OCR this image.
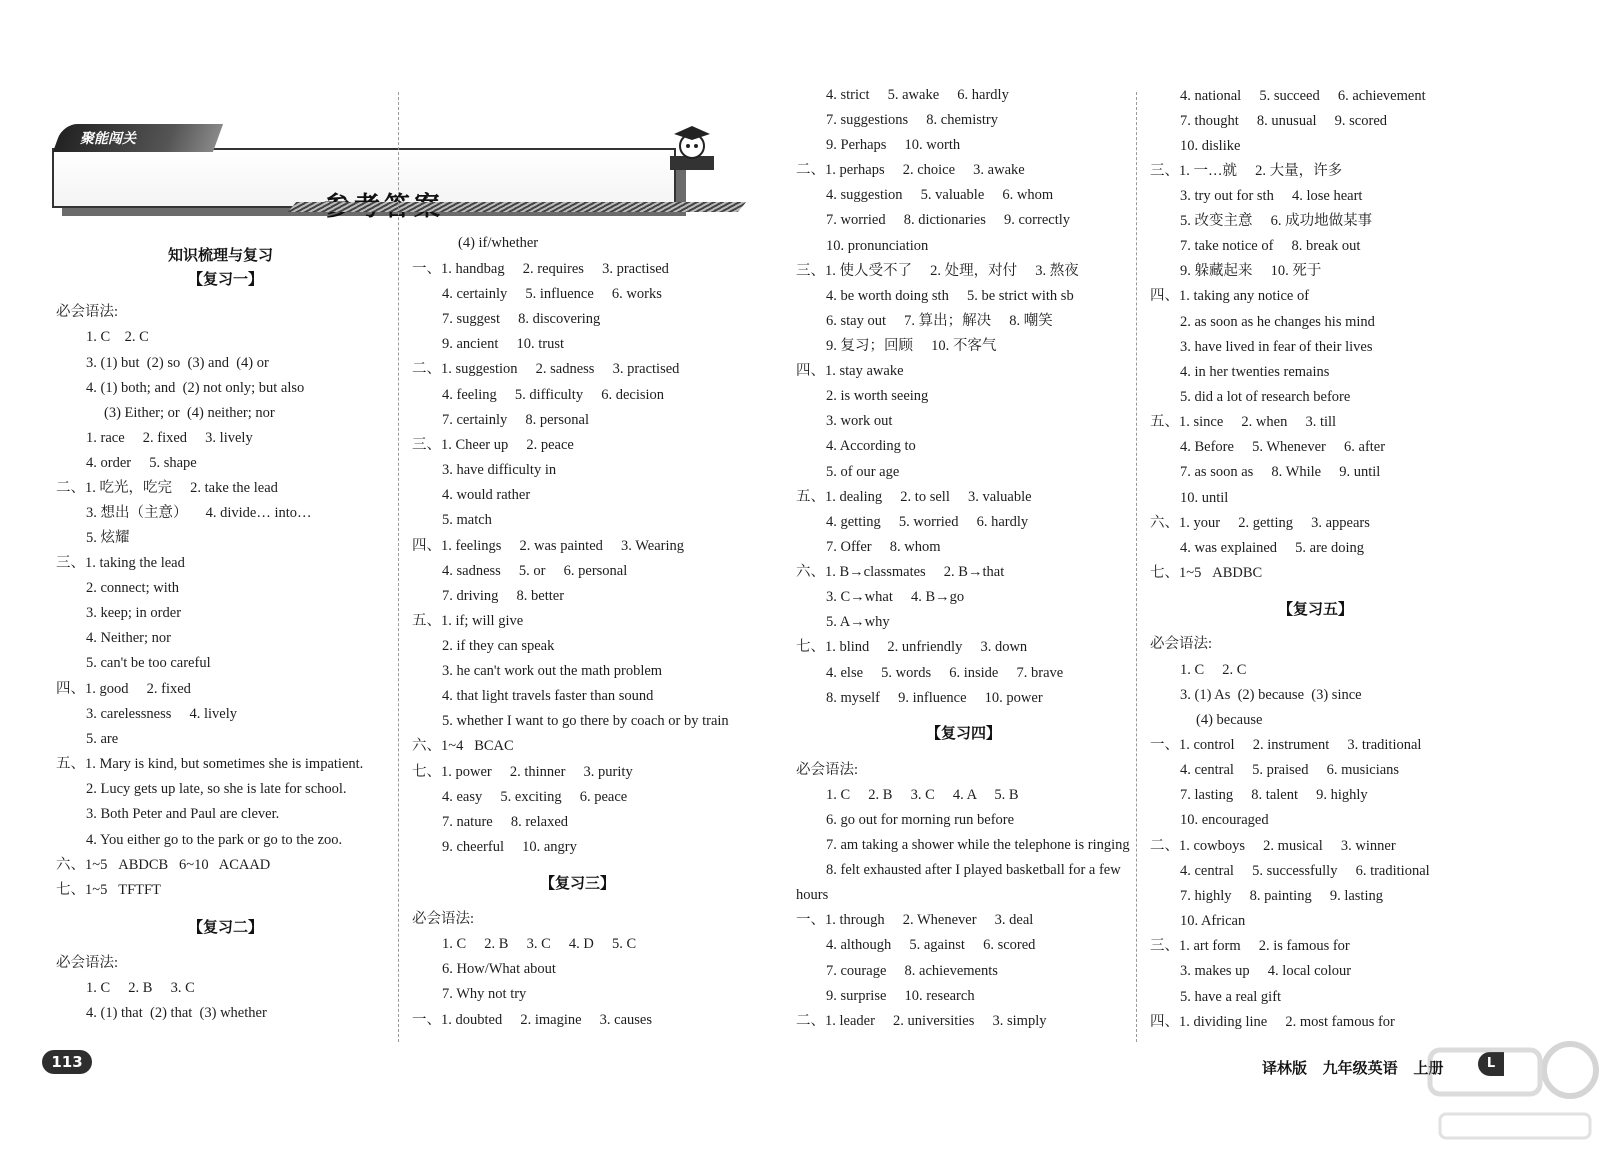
聚能闯关
知识梳理与复习
【复习一】
必会语法:
1. C    2. C
3. (1) but  (2) so  (3) and  (4) or
4. (1) both; and  (2) not only; but also
(3) Either; or  (4) neither; nor
1. race     2. fixed     3. lively
4. order     5. shape
二、1. 吃光，吃完     2. take the lead
3. 想出（主意）     4. divide… into…
5. 炫耀
三、1. taking the lead
2. connect; with
3. keep; in order
4. Neither; nor
5. can't be too careful
四、1. good     2. fixed
3. carelessness     4. lively
5. are
五、1. Mary is kind, but sometimes she is impatient.
2. Lucy gets up late, so she is late for school.
3. Both Peter and Paul are clever.
4. You either go to the park or go to the zoo.
六、1~5   ABDCB   6~10   ACAAD
七、1~5   TFTFT
【复习二】
必会语法:
1. C     2. B     3. C
4. (1) that  (2) that  (3) whether
(4) if/whether
一、1. handbag     2. requires     3. practised
4. certainly     5. influence     6. works
7. suggest     8. discovering
9. ancient     10. trust
二、1. suggestion     2. sadness     3. practised
4. feeling     5. difficulty     6. decision
7. certainly     8. personal
三、1. Cheer up     2. peace
3. have difficulty in
4. would rather
5. match
四、1. feelings     2. was painted     3. Wearing
4. sadness     5. or     6. personal
7. driving     8. better
五、1. if; will give
2. if they can speak
3. he can't work out the math problem
4. that light travels faster than sound
5. whether I want to go there by coach or by train
六、1~4   BCAC
七、1. power     2. thinner     3. purity
4. easy     5. exciting     6. peace
7. nature     8. relaxed
9. cheerful     10. angry
【复习三】
必会语法:
1. C     2. B     3. C     4. D     5. C
6. How/What about
7. Why not try
一、1. doubted     2. imagine     3. causes
4. strict     5. awake     6. hardly
7. suggestions     8. chemistry
9. Perhaps     10. worth
二、1. perhaps     2. choice     3. awake
4. suggestion     5. valuable     6. whom
7. worried     8. dictionaries     9. correctly
10. pronunciation
三、1. 使人受不了     2. 处理，对付     3. 熬夜
4. be worth doing sth     5. be strict with sb
6. stay out     7. 算出；解决     8. 嘲笑
9. 复习；回顾     10. 不客气
四、1. stay awake
2. is worth seeing
3. work out
4. According to
5. of our age
五、1. dealing     2. to sell     3. valuable
4. getting     5. worried     6. hardly
7. Offer     8. whom
六、1. B→classmates     2. B→that
3. C→what     4. B→go
5. A→why
七、1. blind     2. unfriendly     3. down
4. else     5. words     6. inside     7. brave
8. myself     9. influence     10. power
【复习四】
必会语法:
1. C     2. B     3. C     4. A     5. B
6. go out for morning run before
7. am taking a shower while the telephone is ringing
8. felt exhausted after I played basketball for a few
hours
一、1. through     2. Whenever     3. deal
4. although     5. against     6. scored
7. courage     8. achievements
9. surprise     10. research
二、1. leader     2. universities     3. simply
4. national     5. succeed     6. achievement
7. thought     8. unusual     9. scored
10. dislike
三、1. 一…就     2. 大量，许多
3. try out for sth     4. lose heart
5. 改变主意     6. 成功地做某事
7. take notice of     8. break out
9. 躲藏起来     10. 死于
四、1. taking any notice of
2. as soon as he changes his mind
3. have lived in fear of their lives
4. in her twenties remains
5. did a lot of research before
五、1. since     2. when     3. till
4. Before     5. Whenever     6. after
7. as soon as     8. While     9. until
10. until
六、1. your     2. getting     3. appears
4. was explained     5. are doing
七、1~5   ABDBC
【复习五】
必会语法:
1. C     2. C
3. (1) As  (2) because  (3) since
(4) because
一、1. control     2. instrument     3. traditional
4. central     5. praised     6. musicians
7. lasting     8. talent     9. highly
10. encouraged
二、1. cowboys     2. musical     3. winner
4. central     5. successfully     6. traditional
7. highly     8. painting     9. lasting
10. African
三、1. art form     2. is famous for
3. makes up     4. local colour
5. have a real gift
四、1. dividing line     2. most famous for
113	译林版   九年级英语   上册	L
